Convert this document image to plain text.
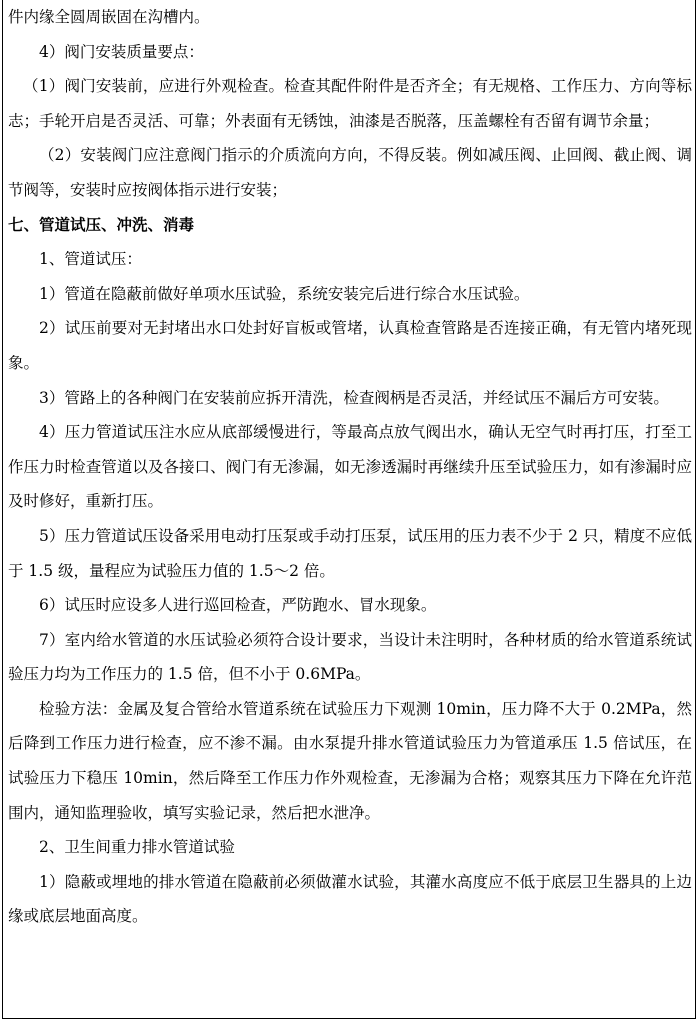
件内缘全圆周嵌固在沟槽内。

4）阀门安装质量要点：

（1）阀门安装前，应进行外观检查。检查其配件附件是否齐全；有无规格、工作压力、方向等标志；手轮开启是否灵活、可靠；外表面有无锈蚀，油漆是否脱落，压盖螺栓有否留有调节余量；

（2）安装阀门应注意阀门指示的介质流向方向，不得反装。例如减压阀、止回阀、截止阀、调节阀等，安装时应按阀体指示进行安装；

七、管道试压、冲洗、消毒

1、管道试压：

1）管道在隐蔽前做好单项水压试验，系统安装完后进行综合水压试验。

2）试压前要对无封堵出水口处封好盲板或管堵，认真检查管路是否连接正确，有无管内堵死现象。

3）管路上的各种阀门在安装前应拆开清洗，检查阀柄是否灵活，并经试压不漏后方可安装。

4）压力管道试压注水应从底部缓慢进行，等最高点放气阀出水，确认无空气时再打压，打至工作压力时检查管道以及各接口、阀门有无渗漏，如无渗透漏时再继续升压至试验压力，如有渗漏时应及时修好，重新打压。

5）压力管道试压设备采用电动打压泵或手动打压泵，试压用的压力表不少于 2 只，精度不应低于 1.5 级，量程应为试验压力值的 1.5～2 倍。

6）试压时应设多人进行巡回检查，严防跑水、冒水现象。

7）室内给水管道的水压试验必须符合设计要求，当设计未注明时，各种材质的给水管道系统试验压力均为工作压力的 1.5 倍，但不小于 0.6MPa。

检验方法：金属及复合管给水管道系统在试验压力下观测 10min，压力降不大于 0.2MPa，然后降到工作压力进行检查，应不渗不漏。由水泵提升排水管道试验压力为管道承压 1.5 倍试压，在试验压力下稳压 10min，然后降至工作压力作外观检查，无渗漏为合格；观察其压力下降在允许范围内，通知监理验收，填写实验记录，然后把水泄净。

2、卫生间重力排水管道试验

1）隐蔽或埋地的排水管道在隐蔽前必须做灌水试验，其灌水高度应不低于底层卫生器具的上边缘或底层地面高度。
